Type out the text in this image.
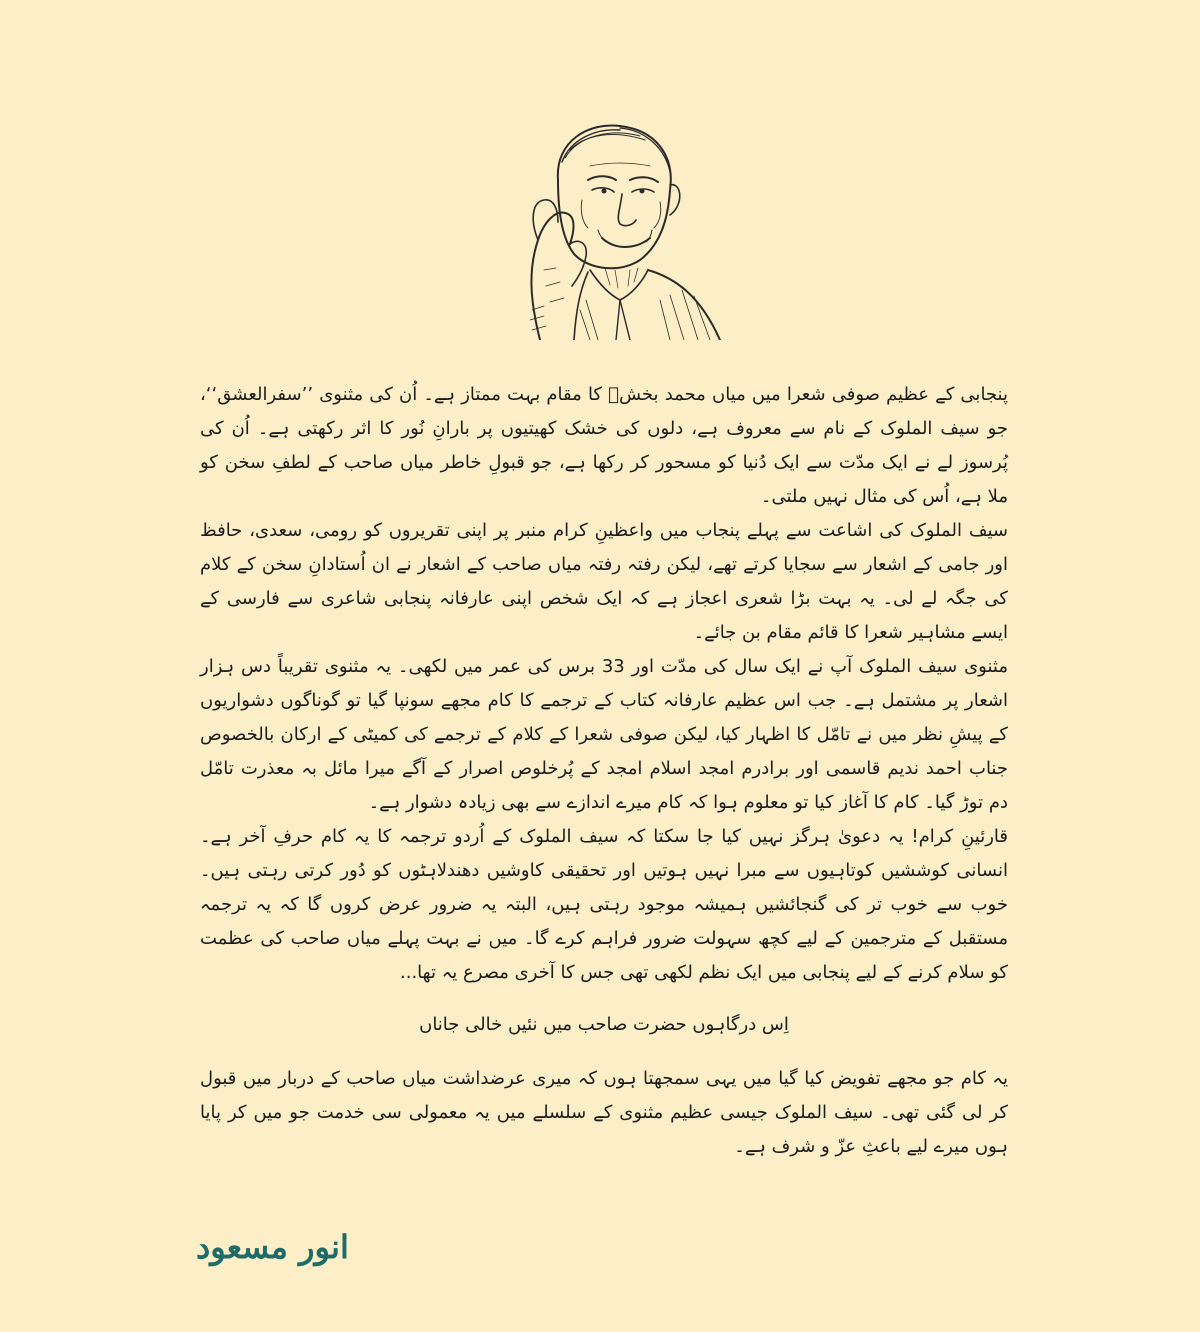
پنجابی کے عظیم صوفی شعرا میں میاں محمد بخشؒ کا مقام بہت ممتاز ہے۔ اُن کی مثنوی ’’سفرالعشق‘‘، جو سیف الملوک کے نام سے معروف ہے، دلوں کی خشک کھیتیوں پر بارانِ نُور کا اثر رکھتی ہے۔ اُن کی پُرسوز لے نے ایک مدّت سے ایک دُنیا کو مسحور کر رکھا ہے، جو قبولِ خاطر میاں صاحب کے لطفِ سخن کو ملا ہے، اُس کی مثال نہیں ملتی۔

سیف الملوک کی اشاعت سے پہلے پنجاب میں واعظینِ کرام منبر پر اپنی تقریروں کو رومی، سعدی، حافظ اور جامی کے اشعار سے سجایا کرتے تھے، لیکن رفتہ رفتہ میاں صاحب کے اشعار نے ان اُستادانِ سخن کے کلام کی جگہ لے لی۔ یہ بہت بڑا شعری اعجاز ہے کہ ایک شخص اپنی عارفانہ پنجابی شاعری سے فارسی کے ایسے مشاہیر شعرا کا قائم مقام بن جائے۔

مثنوی سیف الملوک آپ نے ایک سال کی مدّت اور 33 برس کی عمر میں لکھی۔ یہ مثنوی تقریباً دس ہزار اشعار پر مشتمل ہے۔ جب اس عظیم عارفانہ کتاب کے ترجمے کا کام مجھے سونپا گیا تو گوناگوں دشواریوں کے پیشِ نظر میں نے تامّل کا اظہار کیا، لیکن صوفی شعرا کے کلام کے ترجمے کی کمیٹی کے ارکان بالخصوص جناب احمد ندیم قاسمی اور برادرم امجد اسلام امجد کے پُرخلوص اصرار کے آگے میرا مائل بہ معذرت تامّل دم توڑ گیا۔ کام کا آغاز کیا تو معلوم ہوا کہ کام میرے اندازے سے بھی زیادہ دشوار ہے۔

قارئینِ کرام! یہ دعویٰ ہرگز نہیں کیا جا سکتا کہ سیف الملوک کے اُردو ترجمہ کا یہ کام حرفِ آخر ہے۔ انسانی کوششیں کوتاہیوں سے مبرا نہیں ہوتیں اور تحقیقی کاوشیں دھندلاہٹوں کو دُور کرتی رہتی ہیں۔ خوب سے خوب تر کی گنجائشیں ہمیشہ موجود رہتی ہیں، البتہ یہ ضرور عرض کروں گا کہ یہ ترجمہ مستقبل کے مترجمین کے لیے کچھ سہولت ضرور فراہم کرے گا۔ میں نے بہت پہلے میاں صاحب کی عظمت کو سلام کرنے کے لیے پنجابی میں ایک نظم لکھی تھی جس کا آخری مصرع یہ تھا...

اِس درگاہوں حضرت صاحب میں نئیں خالی جاناں

یہ کام جو مجھے تفویض کیا گیا میں یہی سمجھتا ہوں کہ میری عرضداشت میاں صاحب کے دربار میں قبول کر لی گئی تھی۔ سیف الملوک جیسی عظیم مثنوی کے سلسلے میں یہ معمولی سی خدمت جو میں کر پایا ہوں میرے لیے باعثِ عزّ و شرف ہے۔

انور مسعود
